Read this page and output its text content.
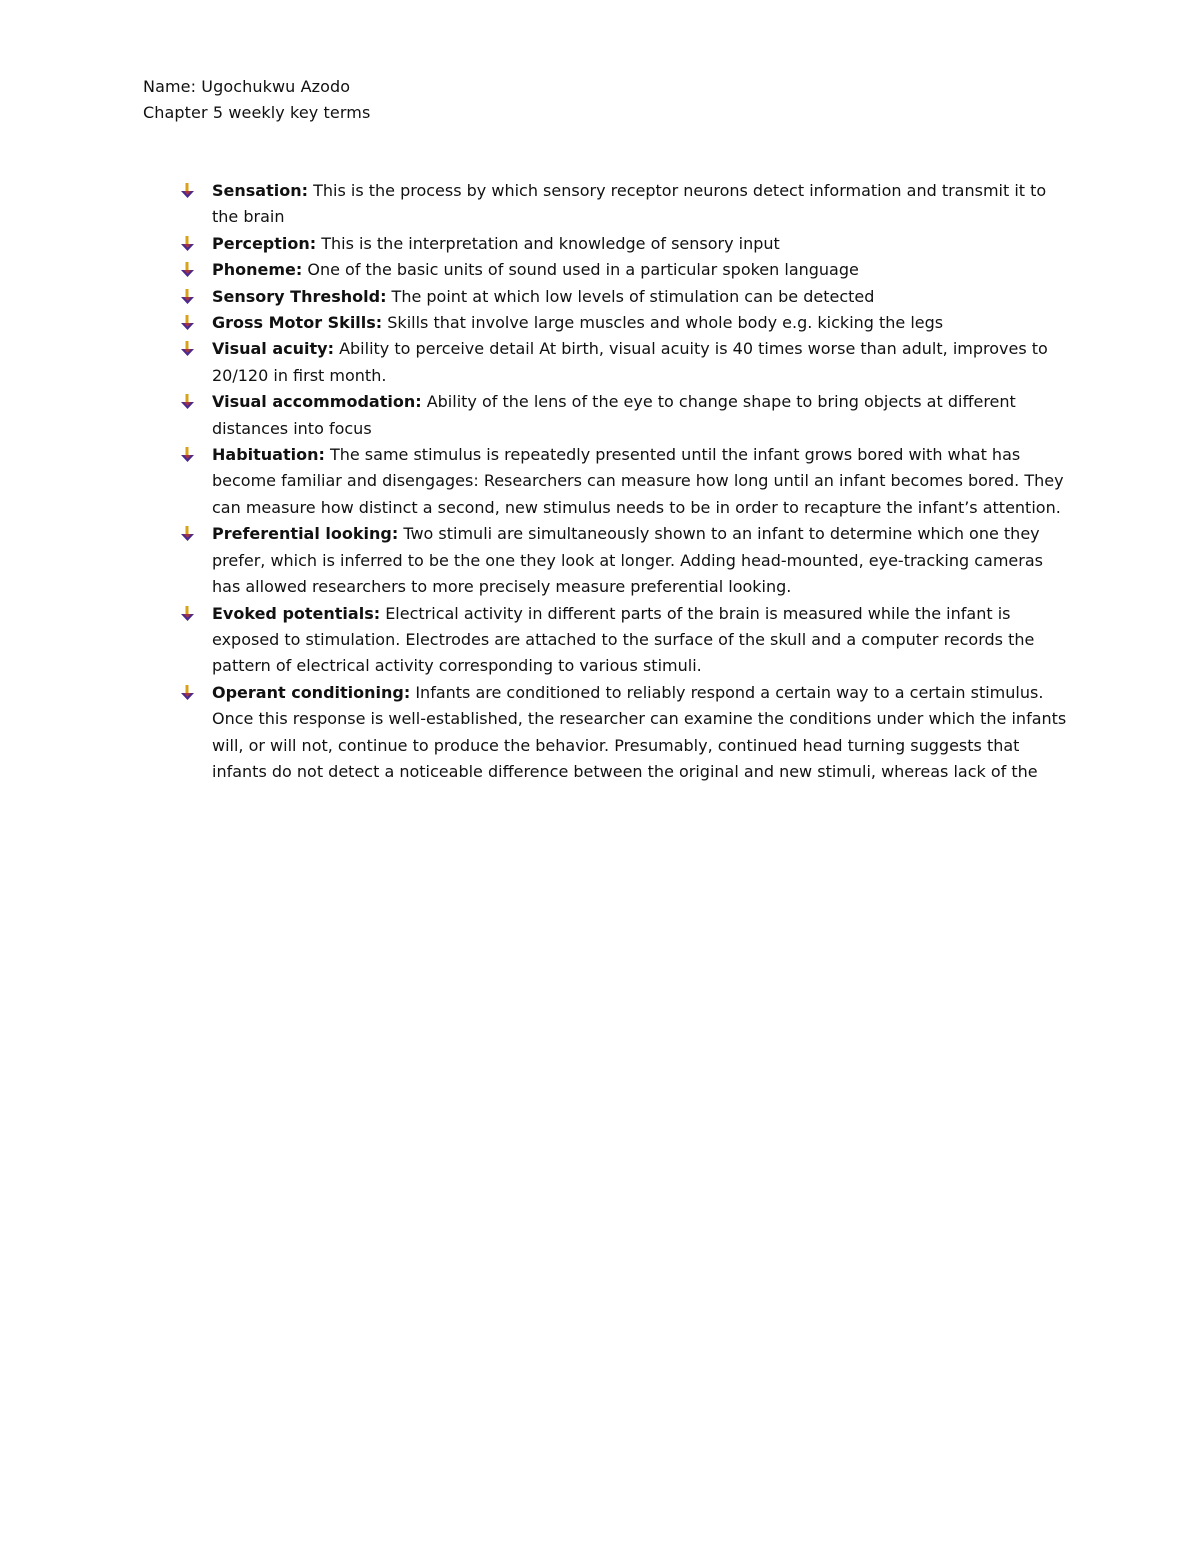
Name: Ugochukwu Azodo
Chapter 5 weekly key terms
Sensation: This is the process by which sensory receptor neurons detect information and transmit it to the brain
Perception: This is the interpretation and knowledge of sensory input
Phoneme: One of the basic units of sound used in a particular spoken language
Sensory Threshold: The point at which low levels of stimulation can be detected
Gross Motor Skills: Skills that involve large muscles and whole body e.g. kicking the legs
Visual acuity: Ability to perceive detail At birth, visual acuity is 40 times worse than adult, improves to 20/120 in first month.
Visual accommodation: Ability of the lens of the eye to change shape to bring objects at different distances into focus
Habituation: The same stimulus is repeatedly presented until the infant grows bored with what has become familiar and disengages: Researchers can measure how long until an infant becomes bored. They can measure how distinct a second, new stimulus needs to be in order to recapture the infant’s attention.
Preferential looking: Two stimuli are simultaneously shown to an infant to determine which one they prefer, which is inferred to be the one they look at longer. Adding head-mounted, eye-tracking cameras has allowed researchers to more precisely measure preferential looking.
Evoked potentials: Electrical activity in different parts of the brain is measured while the infant is exposed to stimulation. Electrodes are attached to the surface of the skull and a computer records the pattern of electrical activity corresponding to various stimuli.
Operant conditioning: Infants are conditioned to reliably respond a certain way to a certain stimulus. Once this response is well-established, the researcher can examine the conditions under which the infants will, or will not, continue to produce the behavior. Presumably, continued head turning suggests that infants do not detect a noticeable difference between the original and new stimuli, whereas lack of the
